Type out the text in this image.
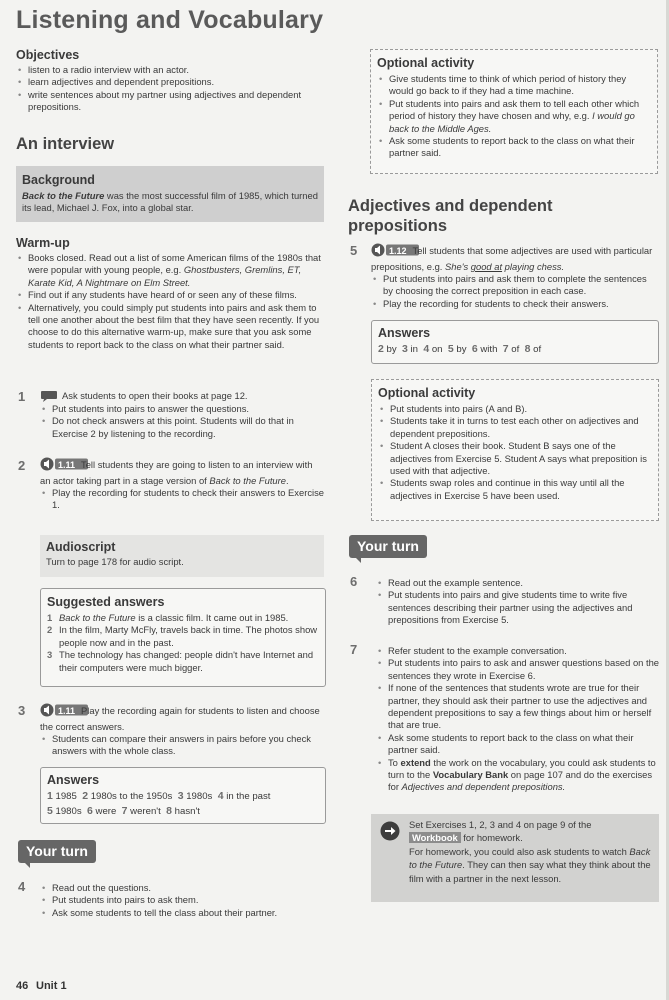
Listening and Vocabulary
Objectives
• listen to a radio interview with an actor.
• learn adjectives and dependent prepositions.
• write sentences about my partner using adjectives and dependent prepositions.
An interview
Background
Back to the Future was the most successful film of 1985, which turned its lead, Michael J. Fox, into a global star.
Warm-up
• Books closed. Read out a list of some American films of the 1980s that were popular with young people, e.g. Ghostbusters, Gremlins, ET, Karate Kid, A Nightmare on Elm Street.
• Find out if any students have heard of or seen any of these films.
• Alternatively, you could simply put students into pairs and ask them to tell one another about the best film that they have seen recently. If you choose to do this alternative warm-up, make sure that you ask some students to report back to the class on what their partner said.
1	Ask students to open their books at page 12.
• Put students into pairs to answer the questions.
• Do not check answers at this point. Students will do that in Exercise 2 by listening to the recording.
2	1.11 Tell students they are going to listen to an interview with an actor taking part in a stage version of Back to the Future.
• Play the recording for students to check their answers to Exercise 1.
Audioscript
Turn to page 178 for audio script.
Suggested answers
1 Back to the Future is a classic film. It came out in 1985.
2 In the film, Marty McFly, travels back in time. The photos show people now and in the past.
3 The technology has changed: people didn't have Internet and their computers were much bigger.
3	1.11 Play the recording again for students to listen and choose the correct answers.
• Students can compare their answers in pairs before you check answers with the whole class.
Answers
1 1985 2 1980s to the 1950s 3 1980s 4 in the past
5 1980s 6 were 7 weren't 8 hasn't
Your turn
4	• Read out the questions.
• Put students into pairs to ask them.
• Ask some students to tell the class about their partner.
46 Unit 1
Optional activity
• Give students time to think of which period of history they would go back to if they had a time machine.
• Put students into pairs and ask them to tell each other which period of history they have chosen and why, e.g. I would go back to the Middle Ages.
• Ask some students to report back to the class on what their partner said.
Adjectives and dependent prepositions
5	1.12 Tell students that some adjectives are used with particular prepositions, e.g. She's good at playing chess.
• Put students into pairs and ask them to complete the sentences by choosing the correct preposition in each case.
• Play the recording for students to check their answers.
Answers
2 by 3 in 4 on 5 by 6 with 7 of 8 of
Optional activity
• Put students into pairs (A and B).
• Students take it in turns to test each other on adjectives and dependent prepositions.
• Student A closes their book. Student B says one of the adjectives from Exercise 5. Student A says what preposition is used with that adjective.
• Students swap roles and continue in this way until all the adjectives in Exercise 5 have been used.
Your turn
6	• Read out the example sentence.
• Put students into pairs and give students time to write five sentences describing their partner using the adjectives and prepositions from Exercise 5.
7	• Refer student to the example conversation.
• Put students into pairs to ask and answer questions based on the sentences they wrote in Exercise 6.
• If none of the sentences that students wrote are true for their partner, they should ask their partner to use the adjectives and dependent prepositions to say a few things about him or herself that are true.
• Ask some students to report back to the class on what their partner said.
• To extend the work on the vocabulary, you could ask students to turn to the Vocabulary Bank on page 107 and do the exercises for Adjectives and dependent prepositions.
Set Exercises 1, 2, 3 and 4 on page 9 of the
Workbook for homework.
For homework, you could also ask students to watch Back to the Future. They can then say what they think about the film with a partner in the next lesson.
